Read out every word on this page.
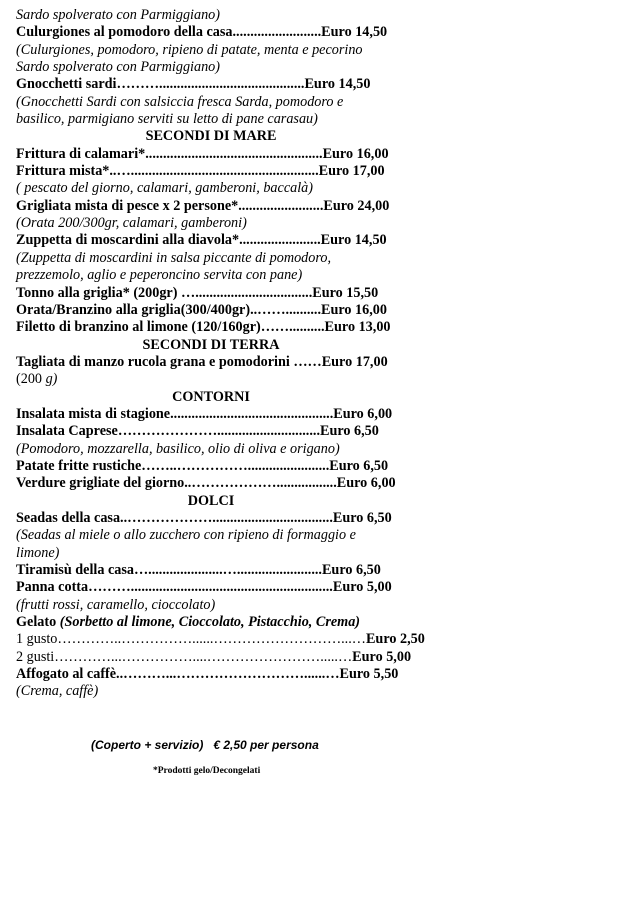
Sardo spolverato con Parmiggiano)
Culurgiones al pomodoro della casa.........................Euro 14,50
(Culurgiones, pomodoro, ripieno di patate, menta e pecorino
Sardo spolverato con Parmiggiano)
Gnocchetti sardi……….........................................Euro 14,50
(Gnocchetti Sardi con salsiccia fresca Sarda, pomodoro e
basilico, parmigiano serviti su letto di pane carasau)
SECONDI DI MARE
Frittura di calamari*..................................................Euro 16,00
Frittura mista*..….....................................................Euro 17,00
( pescato del giorno, calamari, gamberoni, baccalà)
Grigliata mista di pesce x 2 persone*........................Euro 24,00
(Orata 200/300gr, calamari, gamberoni)
Zuppetta di moscardini alla diavola*.......................Euro 14,50
(Zuppetta di moscardini in salsa piccante di pomodoro,
prezzemolo, aglio e peperoncino servita con pane)
Tonno alla griglia* (200gr) ….................................Euro 15,50
Orata/Branzino alla griglia(300/400gr)..……..........Euro 16,00
Filetto di branzino al limone (120/160gr)……..........Euro 13,00
SECONDI DI TERRA
Tagliata di manzo rucola grana e pomodorini ……Euro 17,00
(200 g)
CONTORNI
Insalata mista di stagione..............................................Euro 6,00
Insalata Caprese………………….............................Euro 6,50
(Pomodoro, mozzarella, basilico, olio di oliva e origano)
Patate fritte rustiche……..…………….......................Euro 6,50
Verdure grigliate del giorno..……………….................Euro 6,00
DOLCI
Seadas della casa..………………..................................Euro 6,50
(Seadas al miele o allo zucchero con ripieno di formaggio e
limone)
Tiramisù della casa….....................…........................Euro 6,50
Panna cotta……….........................................................Euro 5,00
(frutti rossi, caramello, cioccolato)
Gelato (Sorbetto al limone, Cioccolato, Pistacchio, Crema)
1 gusto…………..……………......………………………...…Euro 2,50
2 gusti…………...……………....…………………….....…Euro 5,00
Affogato al caffè..………...………………………......…Euro 5,50
(Crema, caffè)
(Coperto + servizio)   € 2,50 per persona
*Prodotti gelo/Decongelati
